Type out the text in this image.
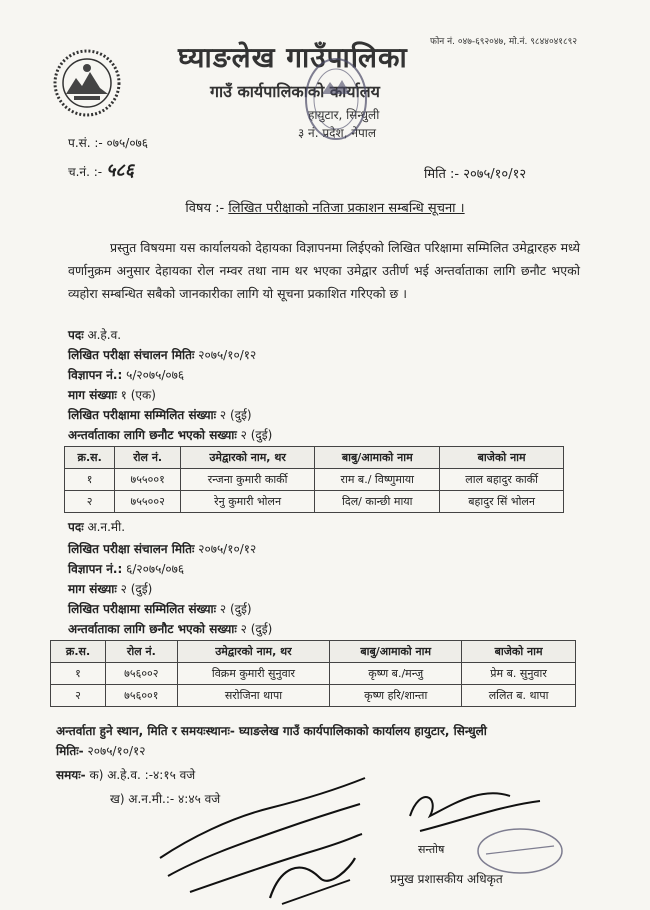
फोन नं. ०४७-६९२०४७, मो.नं. ९८४४०४१८९२
घ्याङलेख गाउँपालिका
गाउँ कार्यपालिकाको कार्यालय
हायुटार, सिन्धुली
३ नं. प्रदेश, नेपाल
प.सं. :- ०७५/०७६
च.नं. :- ५८६	मिति :- २०७५/१०/१२
विषय :- लिखित परीक्षाको नतिजा प्रकाशन सम्बन्धि सूचना ।
प्रस्तुत विषयमा यस कार्यालयको देहायका विज्ञापनमा लिईएको लिखित परिक्षामा सम्मिलित उमेद्वारहरु मध्ये वर्णानुक्रम अनुसार देहायका रोल नम्वर तथा नाम थर भएका उमेद्वार उतीर्ण भई अन्तर्वाताका लागि छनौट भएको व्यहोरा सम्बन्धित सबैको जानकारीका लागि यो सूचना प्रकाशित गरिएको छ ।
पदः अ.हे.व.
लिखित परीक्षा संचालन मितिः २०७५/१०/१२
विज्ञापन नं.: ५/२०७५/०७६
माग संख्याः १ (एक)
लिखित परीक्षामा सम्मिलित संख्याः २ (दुई)
अन्तर्वाताका लागि छनौट भएको सख्याः २ (दुई)
क्र.स.	रोल नं.	उमेद्वारको नाम, थर	बाबु/आमाको नाम	बाजेको नाम
१	७५५००१	रन्जना कुमारी कार्की	राम ब./ विष्णुमाया	लाल बहादुर कार्की
२	७५५००२	रेनु कुमारी भोलन	दिल/ कान्छी माया	बहादुर सिं भोलन
पदः अ.न.मी.
लिखित परीक्षा संचालन मितिः २०७५/१०/१२
विज्ञापन नं.: ६/२०७५/०७६
माग संख्याः २ (दुई)
लिखित परीक्षामा सम्मिलित संख्याः २ (दुई)
अन्तर्वाताका लागि छनौट भएको सख्याः २ (दुई)
क्र.स.	रोल नं.	उमेद्वारको नाम, थर	बाबु/आमाको नाम	बाजेको नाम
१	७५६००२	विक्रम कुमारी सुनुवार	कृष्ण ब./मन्जु	प्रेम ब. सुनुवार
२	७५६००१	सरोजिना थापा	कृष्ण हरि/शान्ता	ललित ब. थापा
अन्तर्वाता हुने स्थान, मिति र समयःस्थानः- घ्याङलेख गाउँ कार्यपालिकाको कार्यालय हायुटार, सिन्धुली
मितिः- २०७५/१०/१२
समयः- क) अ.हे.व. :-४:१५ वजे
ख) अ.न.मी.:- ४:४५ वजे
सन्तोष
प्रमुख प्रशासकीय अधिकृत
